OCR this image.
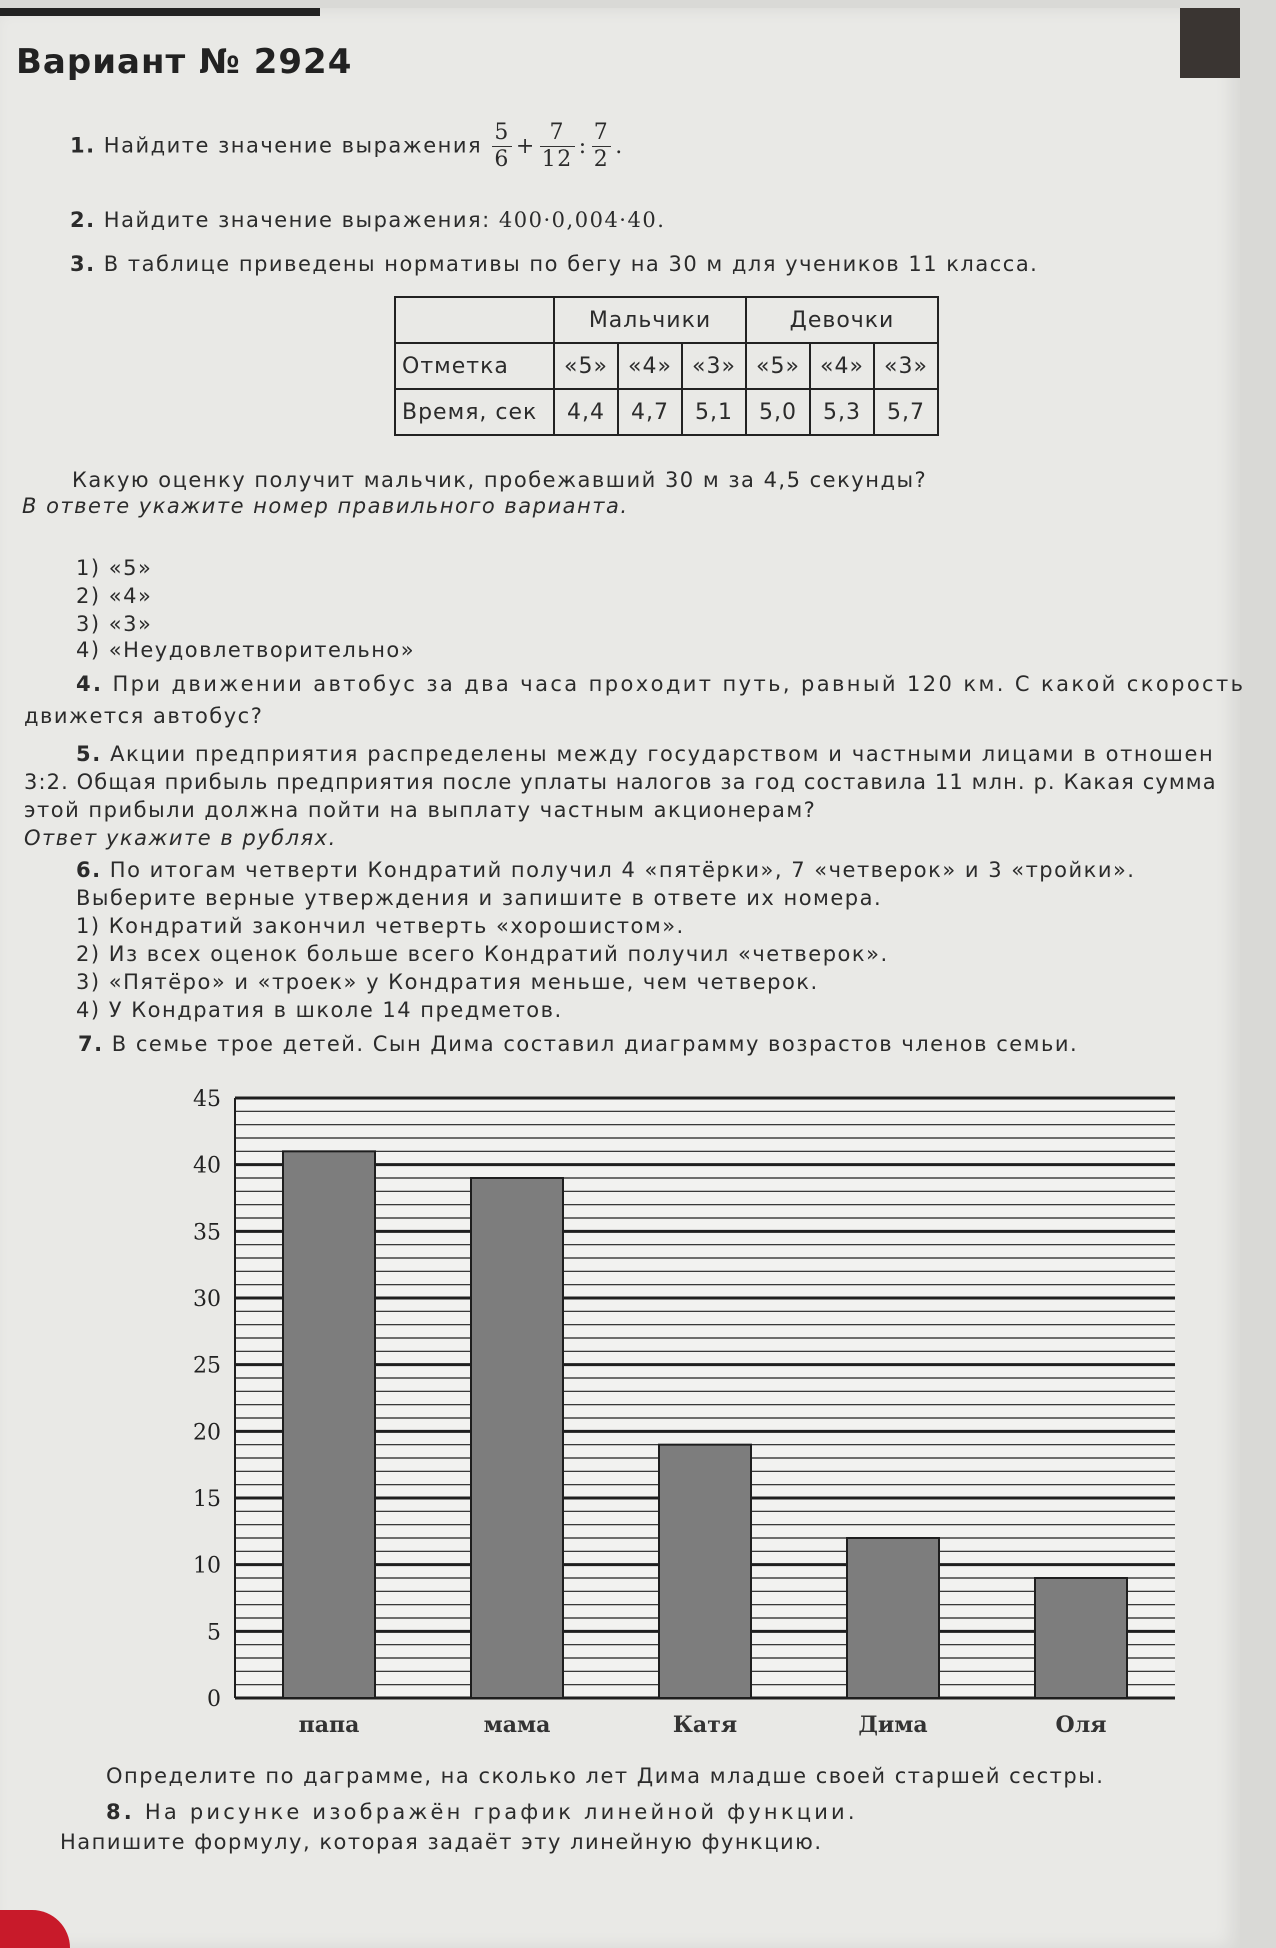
Вариант № 2924
1. Найдите значение выражения $\frac{5}{6} + \frac{7}{12}$ : $\frac{7}{2}$ .
2. Найдите значение выражения: 400·0,004·40.
3. В таблице приведены нормативы по бегу на 30 м для учеников 11 класса.
	Мальчики			Девочки		
Отметка	«5»	«4»	«3»	«5»	«4»	«3»
Время, сек	4,4	4,7	5,1	5,0	5,3	5,7
Какую оценку получит мальчик, пробежавший 30 м за 4,5 секунды?
В ответе укажите номер правильного варианта.
1) «5»
2) «4»
3) «3»
4) «Неудовлетворительно»
4. При движении автобус за два часа проходит путь, равный 120 км. С какой скорость
движется автобус?
5. Акции предприятия распределены между государством и частными лицами в отношен
3:2. Общая прибыль предприятия после уплаты налогов за год составила 11 млн. р. Какая сумма
этой прибыли должна пойти на выплату частным акционерам?
Ответ укажите в рублях.
6. По итогам четверти Кондратий получил 4 «пятёрки», 7 «четверок» и 3 «тройки».
Выберите верные утверждения и запишите в ответе их номера.
1) Кондратий закончил четверть «хорошистом».
2) Из всех оценок больше всего Кондратий получил «четверок».
3) «Пятёро» и «троек» у Кондратия меньше, чем четверок.
4) У Кондратия в школе 14 предметов.
7. В семье трое детей. Сын Дима составил диаграмму возрастов членов семьи.
0
5
10
15
20
25
30
35
40
45
папа	мама	Катя	Дима	Оля
Определите по даграмме, на сколько лет Дима младше своей старшей сестры.
8. На рисунке изображён график линейной функции.
Напишите формулу, которая задаёт эту линейную функцию.
